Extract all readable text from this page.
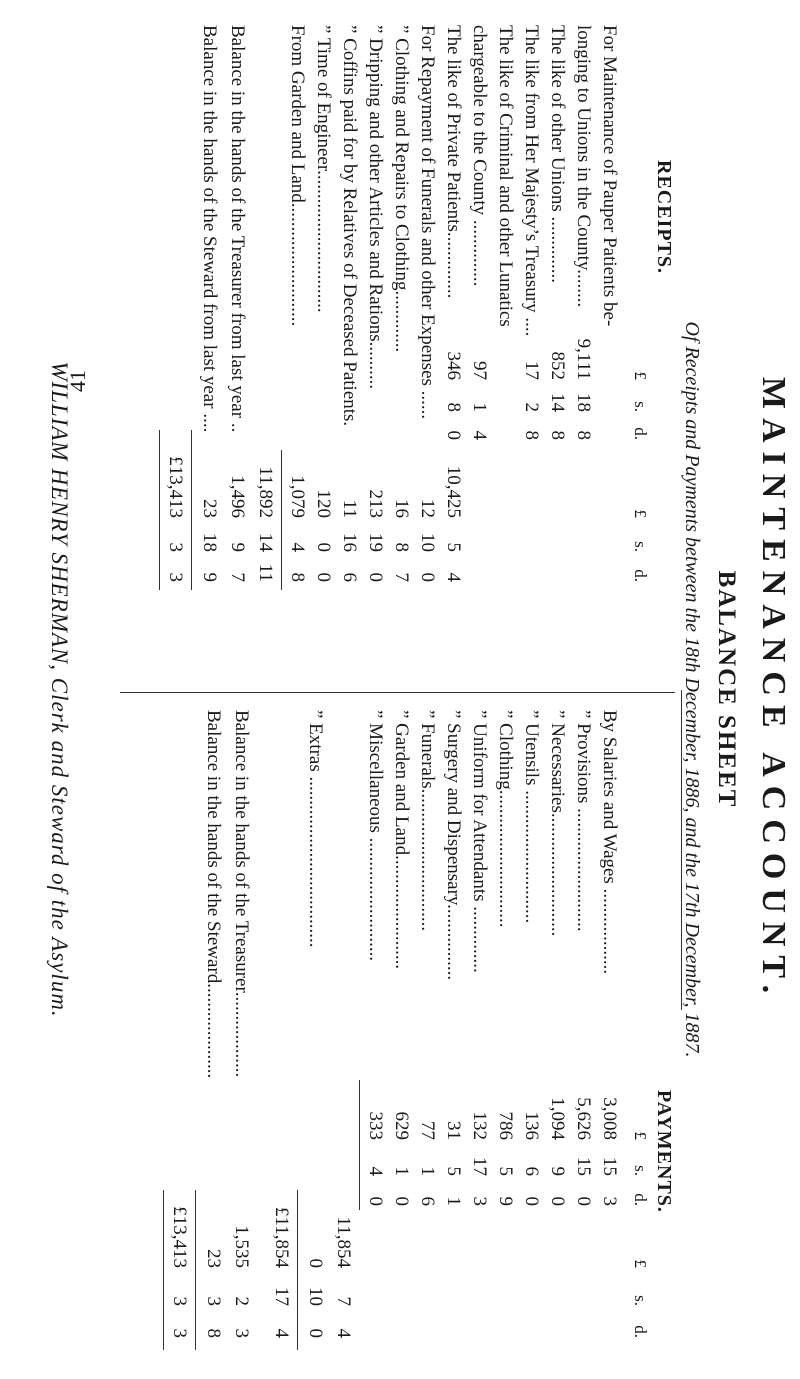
41	MAINTENANCE ACCOUNT.
BALANCE SHEET
Of Receipts and Payments between the 18th December, 1886, and the 17th December, 1887.
RECEIPTS.
PAYMENTS.
£
s.
d.
£
s.
d.
For Maintenance of Pauper Patients be-
longing to Unions in the County........
9,111
18
8
The like of other Unions ..............
852
14
8
The like from Her Majesty’s Treasury ....
17
2
8
The like of Criminal and other Lunatics
chargeable to the County ..............
97
1
4
The like of Private Patients..............
346
8
0
10,425
5
4
For Repayment of Funerals and other Expenses ......
12
10
0
” Clothing and Repairs to Clothing.............
16
8
7
” Dripping and other Articles and Rations..........
213
19
0
” Coffins paid for by Relatives of Deceased Patients.
11
16
6
” Time of Engineer..............................
120
0
0
From Garden and Land..........................
1,079
4
8
11,892
14
11
Balance in the hands of the Treasurer from last year ..
1,496
9
7
Balance in the hands of the Steward from last year ....
23
18
9
£13,413
3
3
£
s.
d.
£
s.
d.
By Salaries and Wages ..................
3,008
15
3
” Provisions ..........................
5,626
15
0
” Necessaries..........................
1,094
9
0
” Utensils ............................
136
6
0
” Clothing.............................
786
5
9
” Uniform for Attendants ..............
132
17
3
” Surgery and Dispensary................
31
5
1
” Funerals..............................
77
1
6
” Garden and Land........................
629
1
0
” Miscellaneous ..........................
333
4
0
11,854
7
4
” Extras ....................................
0
10
0
£11,854
17
4
Balance in the hands of the Treasurer..................
1,535
2
3
Balance in the hands of the Steward....................
23
3
8
£13,413
3
3
WILLIAM HENRY SHERMAN, Clerk and Steward of the Asylum.
